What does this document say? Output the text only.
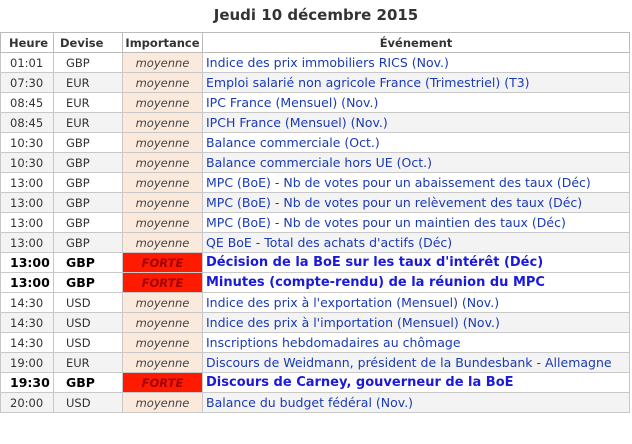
Jeudi 10 décembre 2015
Heure	Devise	Importance	Événement
01:01	GBP	moyenne	Indice des prix immobiliers RICS (Nov.)
07:30	EUR	moyenne	Emploi salarié non agricole France (Trimestriel) (T3)
08:45	EUR	moyenne	IPC France (Mensuel) (Nov.)
08:45	EUR	moyenne	IPCH France (Mensuel) (Nov.)
10:30	GBP	moyenne	Balance commerciale (Oct.)
10:30	GBP	moyenne	Balance commerciale hors UE (Oct.)
13:00	GBP	moyenne	MPC (BoE) - Nb de votes pour un abaissement des taux (Déc)
13:00	GBP	moyenne	MPC (BoE) - Nb de votes pour un relèvement des taux (Déc)
13:00	GBP	moyenne	MPC (BoE) - Nb de votes pour un maintien des taux (Déc)
13:00	GBP	moyenne	QE BoE - Total des achats d'actifs (Déc)
13:00	GBP	FORTE	Décision de la BoE sur les taux d'intérêt (Déc)
13:00	GBP	FORTE	Minutes (compte-rendu) de la réunion du MPC
14:30	USD	moyenne	Indice des prix à l'exportation (Mensuel) (Nov.)
14:30	USD	moyenne	Indice des prix à l'importation (Mensuel) (Nov.)
14:30	USD	moyenne	Inscriptions hebdomadaires au chômage
19:00	EUR	moyenne	Discours de Weidmann, président de la Bundesbank - Allemagne
19:30	GBP	FORTE	Discours de Carney, gouverneur de la BoE
20:00	USD	moyenne	Balance du budget fédéral (Nov.)
